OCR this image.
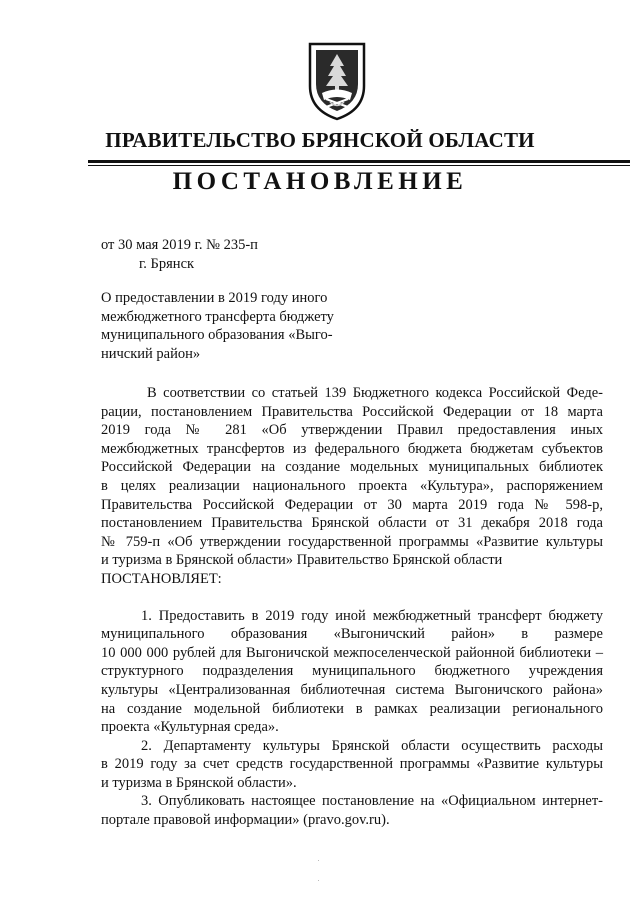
ПРАВИТЕЛЬСТВО БРЯНСКОЙ ОБЛАСТИ
ПОСТАНОВЛЕНИЕ
от 30 мая 2019 г. № 235-п
г. Брянск
О предоставлении в 2019 году иного
межбюджетного трансферта бюджету
муниципального образования «Выго-
ничский район»
В соответствии со статьей 139 Бюджетного кодекса Российской Феде-
рации, постановлением Правительства Российской Федерации от 18 марта
2019 года № 281 «Об утверждении Правил предоставления иных
межбюджетных трансфертов из федерального бюджета бюджетам субъектов
Российской Федерации на создание модельных муниципальных библиотек
в целях реализации национального проекта «Культура», распоряжением
Правительства Российской Федерации от 30 марта 2019 года № 598-р,
постановлением Правительства Брянской области от 31 декабря 2018 года
№ 759-п «Об утверждении государственной программы «Развитие культуры
и туризма в Брянской области» Правительство Брянской области
ПОСТАНОВЛЯЕТ:
1. Предоставить в 2019 году иной межбюджетный трансферт бюджету
муниципального образования «Выгоничский район» в размере
10 000 000 рублей для Выгоничской межпоселенческой районной библиотеки –
структурного подразделения муниципального бюджетного учреждения
культуры «Централизованная библиотечная система Выгоничского района»
на создание модельной библиотеки в рамках реализации регионального
проекта «Культурная среда».
2. Департаменту культуры Брянской области осуществить расходы
в 2019 году за счет средств государственной программы «Развитие культуры
и туризма в Брянской области».
3. Опубликовать настоящее постановление на «Официальном интернет-
портале правовой информации» (pravo.gov.ru).
